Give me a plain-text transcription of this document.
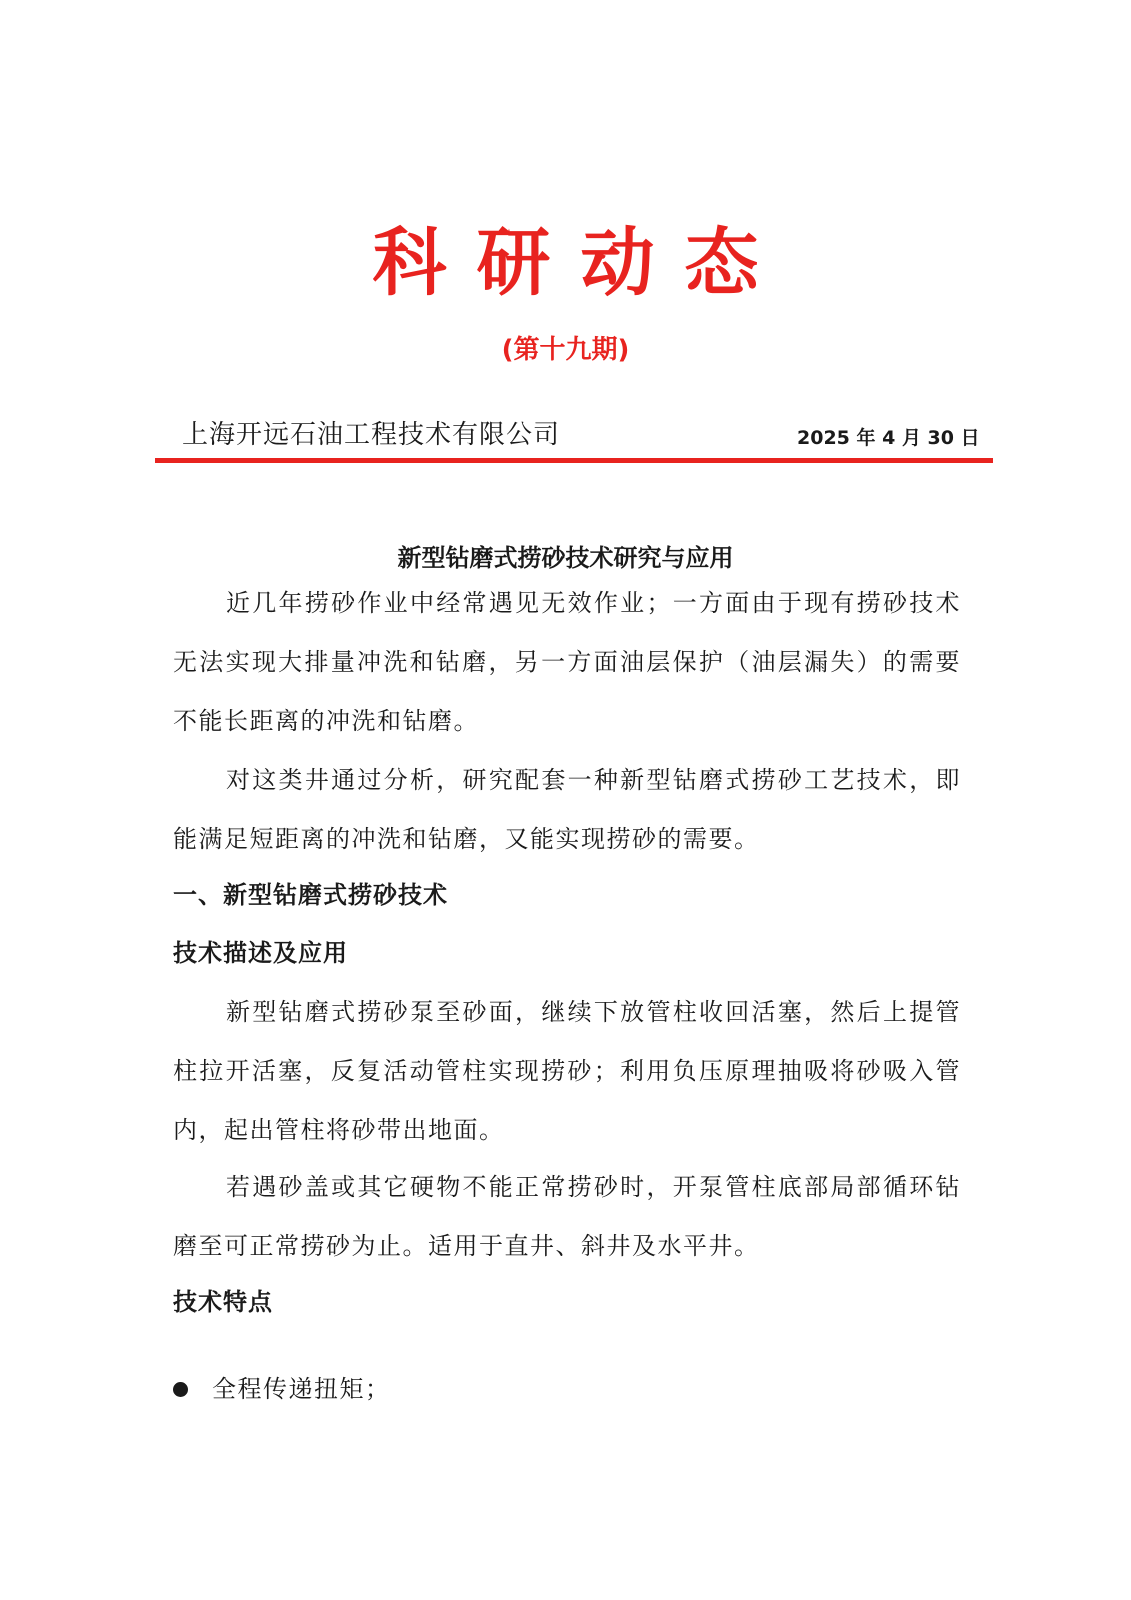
科研动态
(第十九期)
上海开远石油工程技术有限公司	2025 年 4 月 30 日
新型钻磨式捞砂技术研究与应用

近几年捞砂作业中经常遇见无效作业；一方面由于现有捞砂技术无法实现大排量冲洗和钻磨，另一方面油层保护（油层漏失）的需要不能长距离的冲洗和钻磨。

对这类井通过分析，研究配套一种新型钻磨式捞砂工艺技术，即能满足短距离的冲洗和钻磨，又能实现捞砂的需要。

一、新型钻磨式捞砂技术
技术描述及应用

新型钻磨式捞砂泵至砂面，继续下放管柱收回活塞，然后上提管柱拉开活塞，反复活动管柱实现捞砂；利用负压原理抽吸将砂吸入管内，起出管柱将砂带出地面。

若遇砂盖或其它硬物不能正常捞砂时，开泵管柱底部局部循环钻磨至可正常捞砂为止。适用于直井、斜井及水平井。

技术特点
全程传递扭矩；
